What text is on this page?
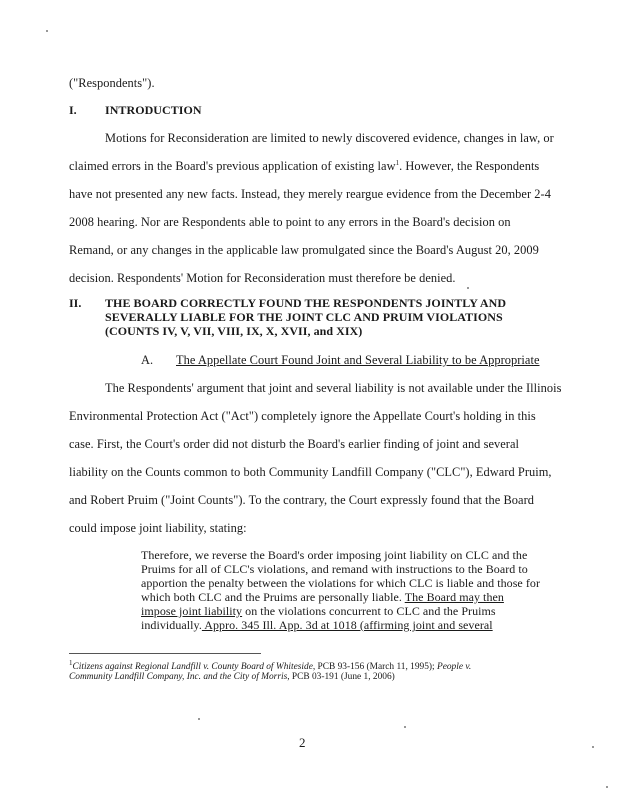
("Respondents").
I. INTRODUCTION
Motions for Reconsideration are limited to newly discovered evidence, changes in law, or
claimed errors in the Board's previous application of existing law$^1$. However, the Respondents
have not presented any new facts. Instead, they merely reargue evidence from the December 2-4
2008 hearing. Nor are Respondents able to point to any errors in the Board's decision on
Remand, or any changes in the applicable law promulgated since the Board's August 20, 2009
decision. Respondents' Motion for Reconsideration must therefore be denied.
II. THE BOARD CORRECTLY FOUND THE RESPONDENTS JOINTLY AND
SEVERALLY LIABLE FOR THE JOINT CLC AND PRUIM VIOLATIONS
(COUNTS IV, V, VII, VIII, IX, X, XVII, and XIX)
A. The Appellate Court Found Joint and Several Liability to be Appropriate
The Respondents' argument that joint and several liability is not available under the Illinois
Environmental Protection Act ("Act") completely ignore the Appellate Court's holding in this
case. First, the Court's order did not disturb the Board's earlier finding of joint and several
liability on the Counts common to both Community Landfill Company ("CLC"), Edward Pruim,
and Robert Pruim ("Joint Counts"). To the contrary, the Court expressly found that the Board
could impose joint liability, stating:
Therefore, we reverse the Board's order imposing joint liability on CLC and the
Pruims for all of CLC's violations, and remand with instructions to the Board to
apportion the penalty between the violations for which CLC is liable and those for
which both CLC and the Pruims are personally liable. The Board may then
impose joint liability on the violations concurrent to CLC and the Pruims
individually. Appro. 345 Ill. App. 3d at 1018 (affirming joint and several
$^1$Citizens against Regional Landfill v. County Board of Whiteside, PCB 93-156 (March 11, 1995); People v.
Community Landfill Company, Inc. and the City of Morris, PCB 03-191 (June 1, 2006)
2
